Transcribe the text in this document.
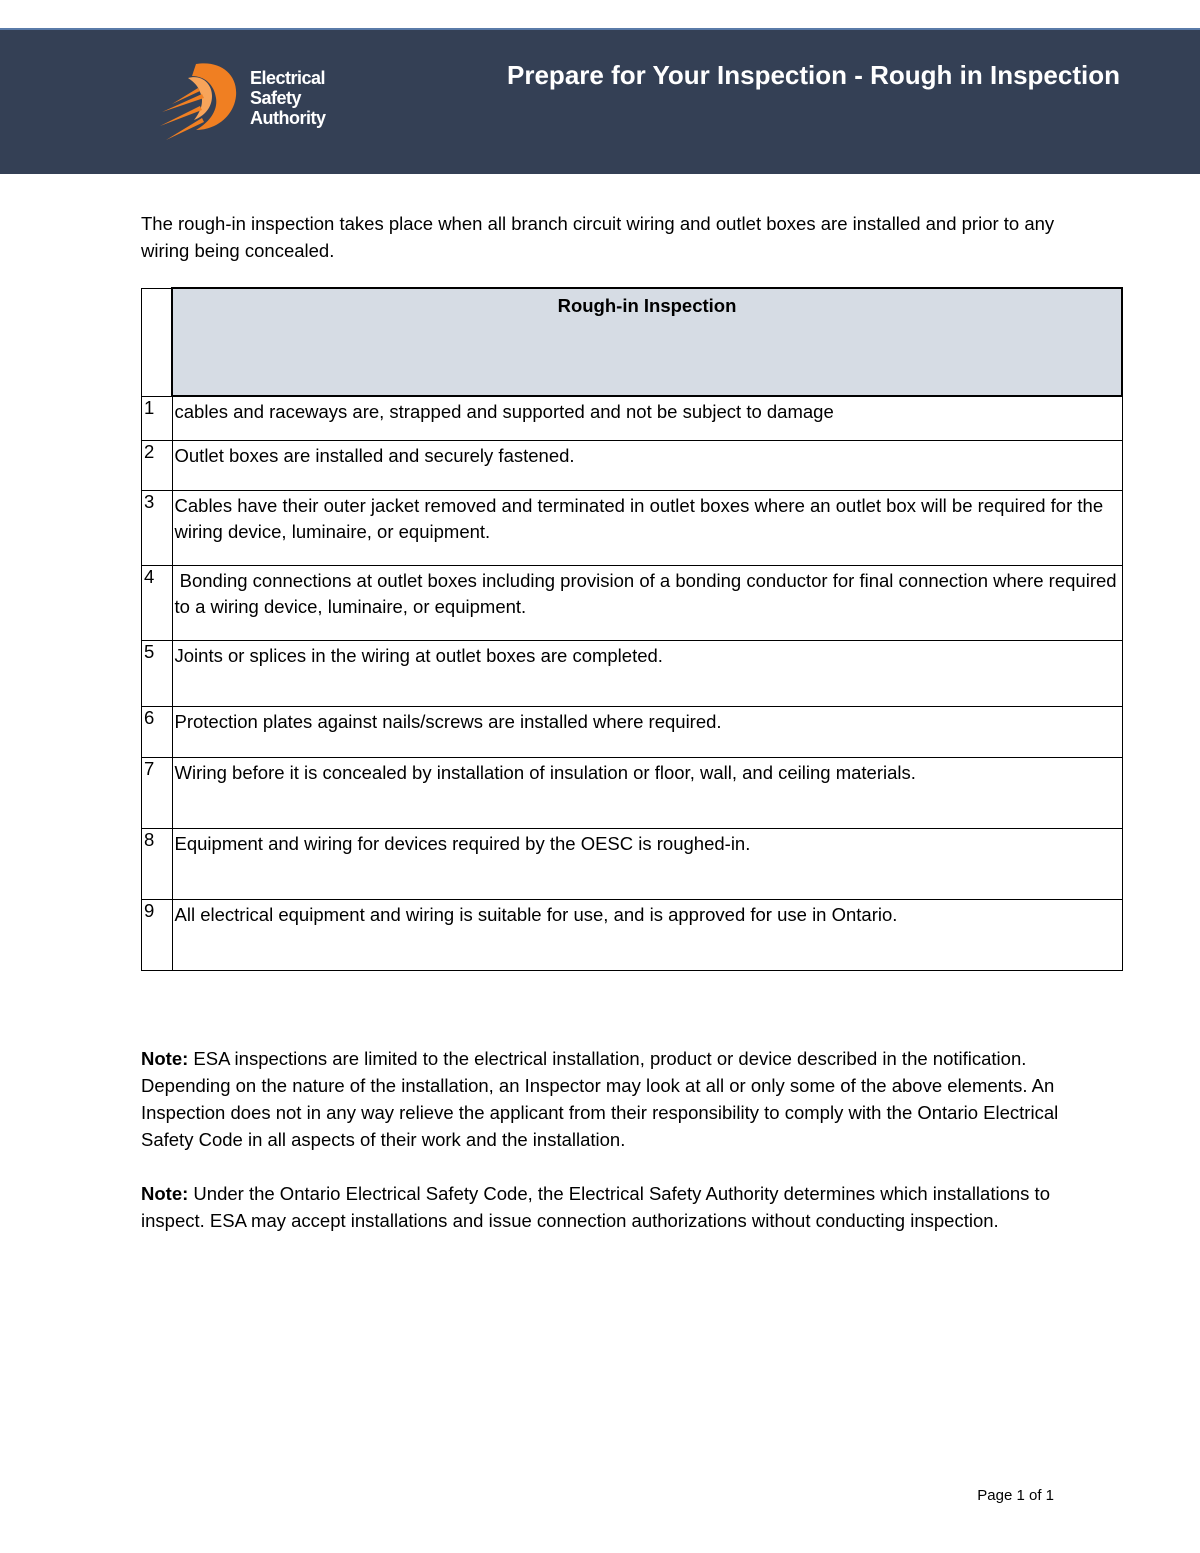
Electrical
Safety
Authority
Prepare for Your Inspection - Rough in Inspection
The rough-in inspection takes place when all branch circuit wiring and outlet boxes are installed and prior to any wiring being concealed.
	Rough-in Inspection
1	cables and raceways are, strapped and supported and not be subject to damage
2	Outlet boxes are installed and securely fastened.
3	Cables have their outer jacket removed and terminated in outlet boxes where an outlet box will be required for the wiring device, luminaire, or equipment.
4	Bonding connections at outlet boxes including provision of a bonding conductor for final connection where required to a wiring device, luminaire, or equipment.
5	Joints or splices in the wiring at outlet boxes are completed.
6	Protection plates against nails/screws are installed where required.
7	Wiring before it is concealed by installation of insulation or floor, wall, and ceiling materials.
8	Equipment and wiring for devices required by the OESC is roughed-in.
9	All electrical equipment and wiring is suitable for use, and is approved for use in Ontario.

Note: ESA inspections are limited to the electrical installation, product or device described in the notification. Depending on the nature of the installation, an Inspector may look at all or only some of the above elements. An Inspection does not in any way relieve the applicant from their responsibility to comply with the Ontario Electrical Safety Code in all aspects of their work and the installation.

Note: Under the Ontario Electrical Safety Code, the Electrical Safety Authority determines which installations to inspect. ESA may accept installations and issue connection authorizations without conducting inspection.

Page 1 of 1
